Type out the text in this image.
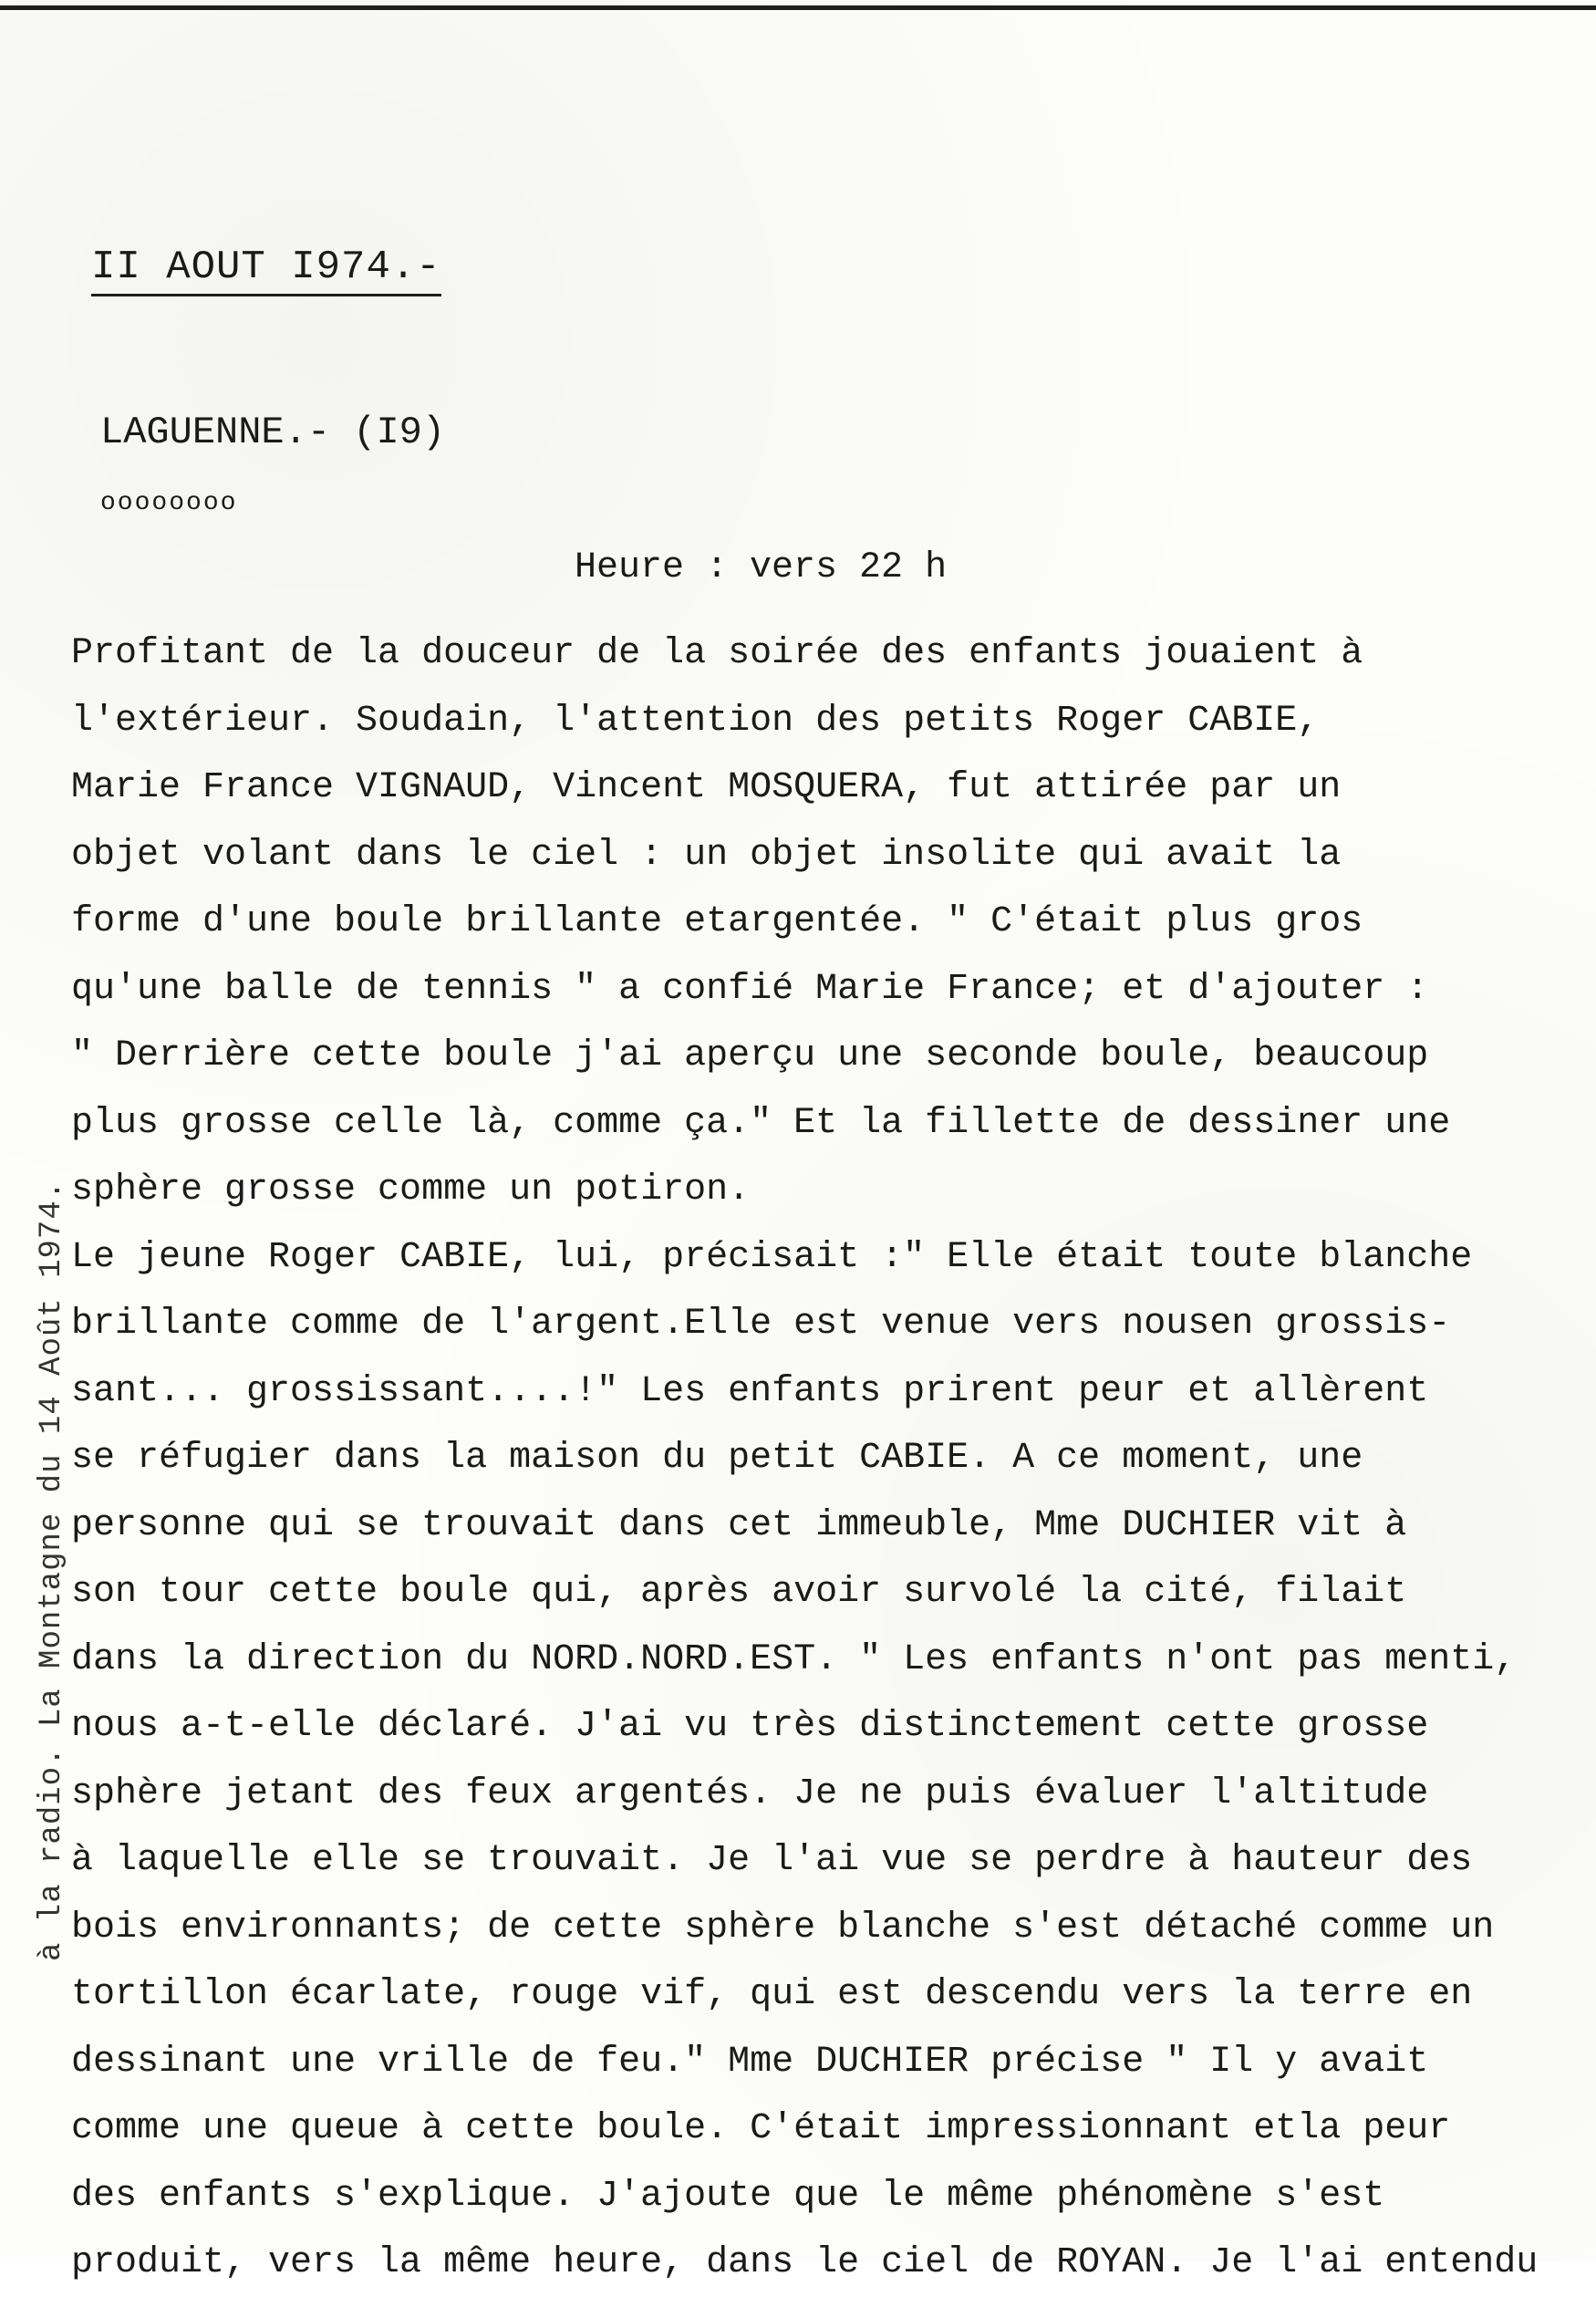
II AOUT I974.-
LAGUENNE.- (I9)
oooooooo
Heure : vers 22 h
Profitant de la douceur de la soirée des enfants jouaient à
l'extérieur. Soudain, l'attention des petits Roger CABIE,
Marie France VIGNAUD, Vincent MOSQUERA, fut attirée par un
objet volant dans le ciel : un objet insolite qui avait la
forme d'une boule brillante etargentée. " C'était plus gros
qu'une balle de tennis " a confié Marie France; et d'ajouter :
" Derrière cette boule j'ai aperçu une seconde boule, beaucoup
plus grosse celle là, comme ça." Et la fillette de dessiner une
sphère grosse comme un potiron.
Le jeune Roger CABIE, lui, précisait :" Elle était toute blanche
brillante comme de l'argent.Elle est venue vers nousen grossis-
sant... grossissant....!" Les enfants prirent peur et allèrent
se réfugier dans la maison du petit CABIE. A ce moment, une
personne qui se trouvait dans cet immeuble, Mme DUCHIER vit à
son tour cette boule qui, après avoir survolé la cité, filait
dans la direction du NORD.NORD.EST. " Les enfants n'ont pas menti,
nous a-t-elle déclaré. J'ai vu très distinctement cette grosse
sphère jetant des feux argentés. Je ne puis évaluer l'altitude
à laquelle elle se trouvait. Je l'ai vue se perdre à hauteur des
bois environnants; de cette sphère blanche s'est détaché comme un
tortillon écarlate, rouge vif, qui est descendu vers la terre en
dessinant une vrille de feu." Mme DUCHIER précise " Il y avait
comme une queue à cette boule. C'était impressionnant etla peur
des enfants s'explique. J'ajoute que le même phénomène s'est
produit, vers la même heure, dans le ciel de ROYAN. Je l'ai entendu
à la radio. La Montagne du 14 Août 1974.
